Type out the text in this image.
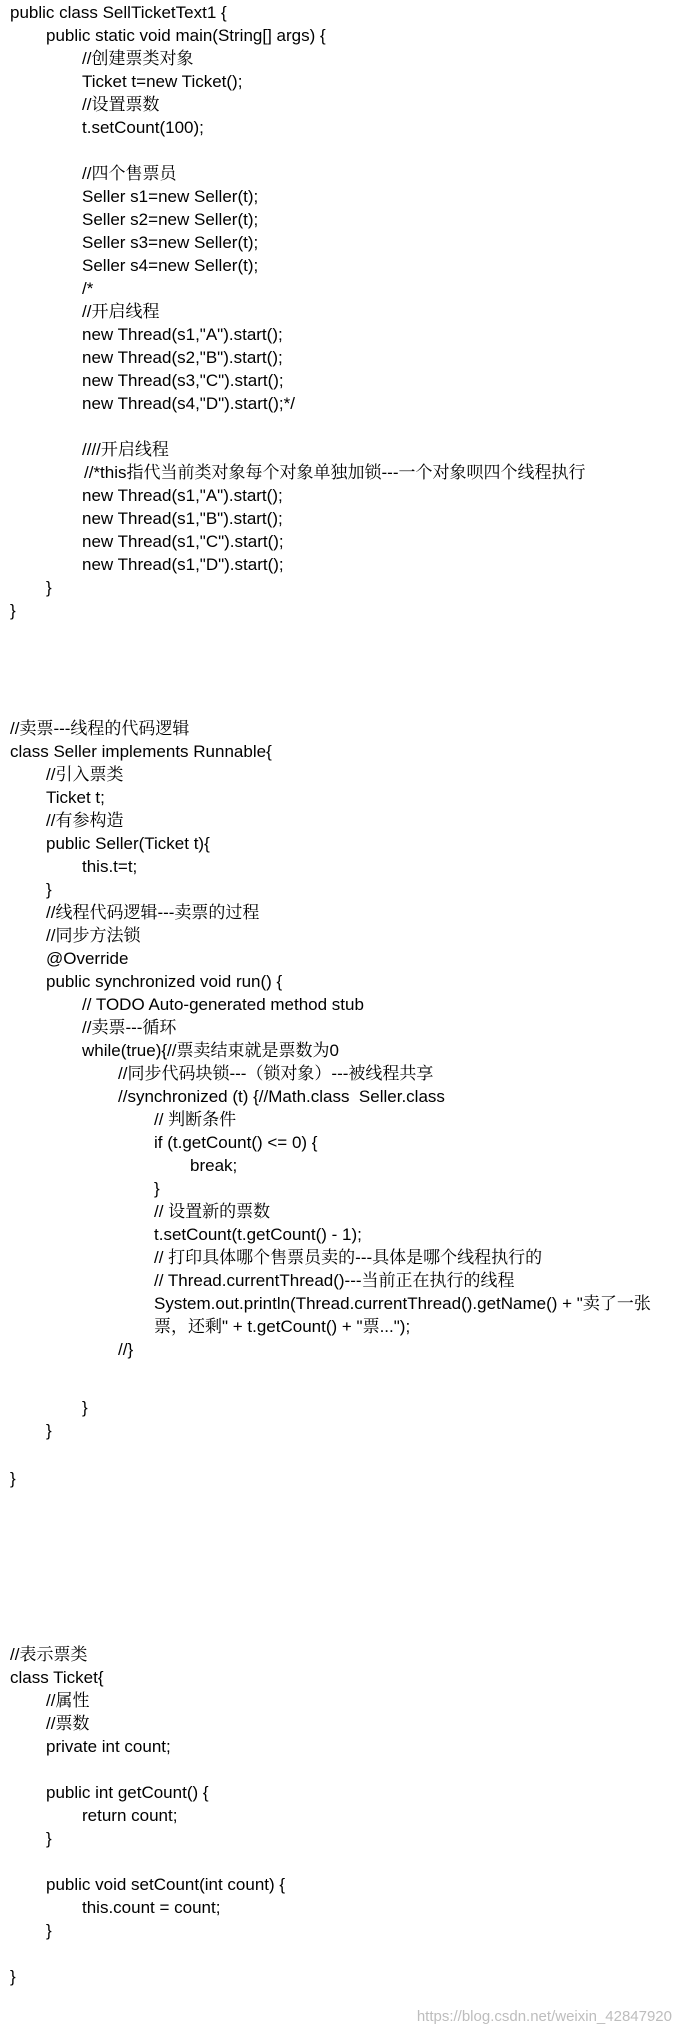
public class SellTicketText1 {
public static void main(String[] args) {
//创建票类对象
Ticket t=new Ticket();
//设置票数
t.setCount(100);
//四个售票员
Seller s1=new Seller(t);
Seller s2=new Seller(t);
Seller s3=new Seller(t);
Seller s4=new Seller(t);
/*
//开启线程
new Thread(s1,"A").start();
new Thread(s2,"B").start();
new Thread(s3,"C").start();
new Thread(s4,"D").start();*/
////开启线程
//*this指代当前类对象每个对象单独加锁---一个对象呗四个线程执行
new Thread(s1,"A").start();
new Thread(s1,"B").start();
new Thread(s1,"C").start();
new Thread(s1,"D").start();
}
}
//卖票---线程的代码逻辑
class Seller implements Runnable{
//引入票类
Ticket t;
//有参构造
public Seller(Ticket t){
this.t=t;
}
//线程代码逻辑---卖票的过程
//同步方法锁
@Override
public synchronized void run() {
// TODO Auto-generated method stub
//卖票---循环
while(true){//票卖结束就是票数为0
//同步代码块锁---（锁对象）---被线程共享
//synchronized (t) {//Math.class  Seller.class
// 判断条件
if (t.getCount() <= 0) {
break;
}
// 设置新的票数
t.setCount(t.getCount() - 1);
// 打印具体哪个售票员卖的---具体是哪个线程执行的
// Thread.currentThread()---当前正在执行的线程
System.out.println(Thread.currentThread().getName() + "卖了一张
票，还剩" + t.getCount() + "票...");
//}
}
}
}
//表示票类
class Ticket{
//属性
//票数
private int count;
public int getCount() {
return count;
}
public void setCount(int count) {
this.count = count;
}
}
https://blog.csdn.net/weixin_42847920
